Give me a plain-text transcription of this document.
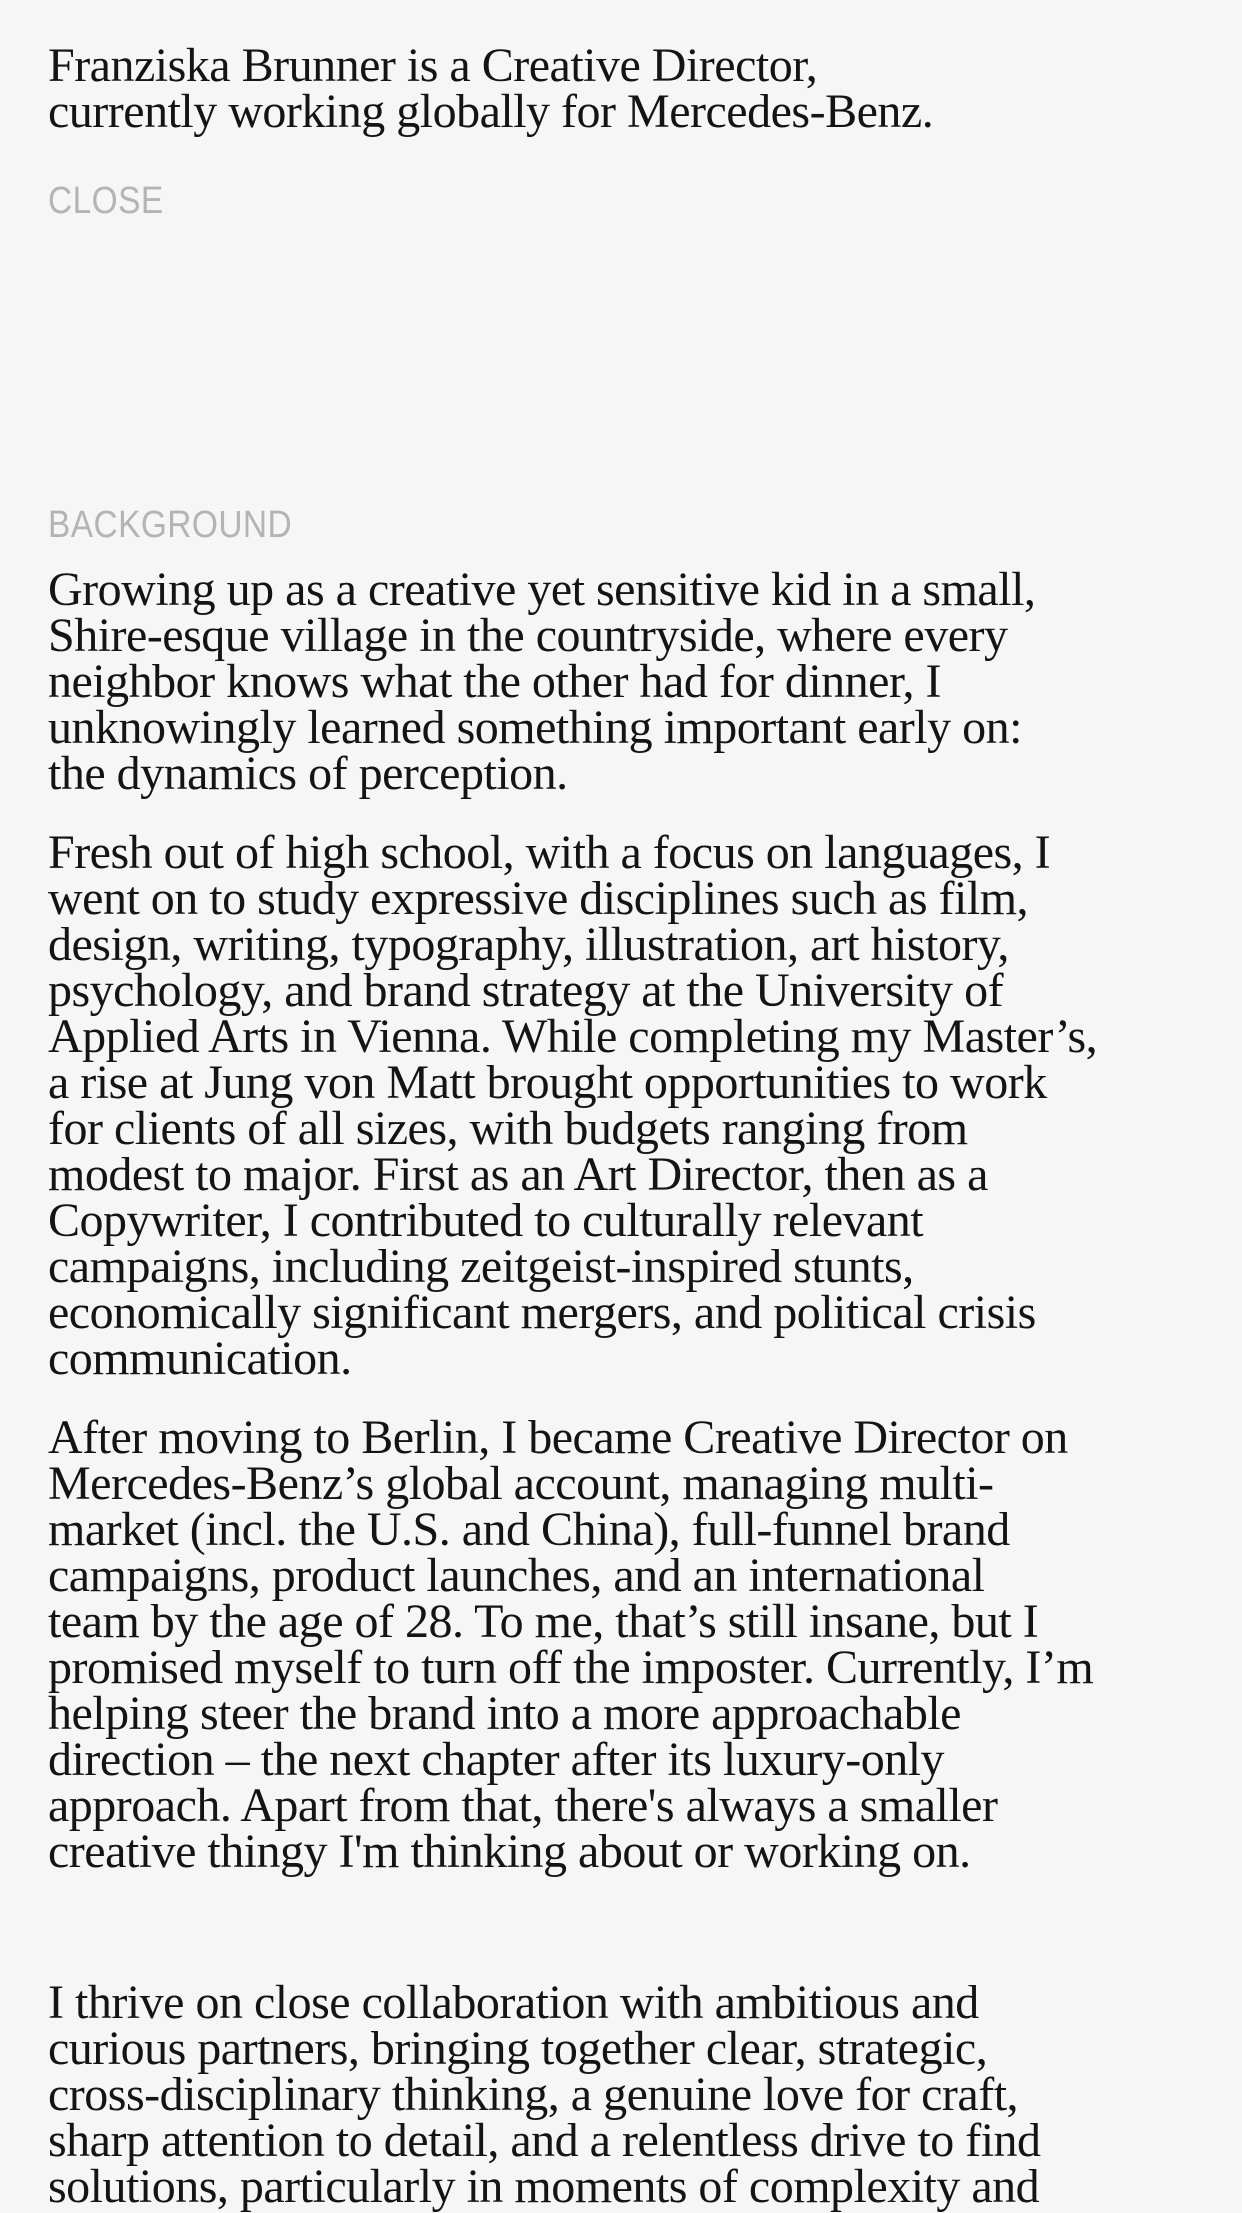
Franziska Brunner is a Creative Director,
currently working globally for Mercedes-Benz.
CLOSE
BACKGROUND
Growing up as a creative yet sensitive kid in a small,
Shire-esque village in the countryside, where every
neighbor knows what the other had for dinner, I
unknowingly learned something important early on:
the dynamics of perception.
Fresh out of high school, with a focus on languages, I
went on to study expressive disciplines such as film,
design, writing, typography, illustration, art history,
psychology, and brand strategy at the University of
Applied Arts in Vienna. While completing my Master’s,
a rise at Jung von Matt brought opportunities to work
for clients of all sizes, with budgets ranging from
modest to major. First as an Art Director, then as a
Copywriter, I contributed to culturally relevant
campaigns, including zeitgeist-inspired stunts,
economically significant mergers, and political crisis
communication.
After moving to Berlin, I became Creative Director on
Mercedes-Benz’s global account, managing multi-
market (incl. the U.S. and China), full-funnel brand
campaigns, product launches, and an international
team by the age of 28. To me, that’s still insane, but I
promised myself to turn off the imposter. Currently, I’m
helping steer the brand into a more approachable
direction – the next chapter after its luxury-only
approach. Apart from that, there's always a smaller
creative thingy I'm thinking about or working on.
I thrive on close collaboration with ambitious and
curious partners, bringing together clear, strategic,
cross-disciplinary thinking, a genuine love for craft,
sharp attention to detail, and a relentless drive to find
solutions, particularly in moments of complexity and
